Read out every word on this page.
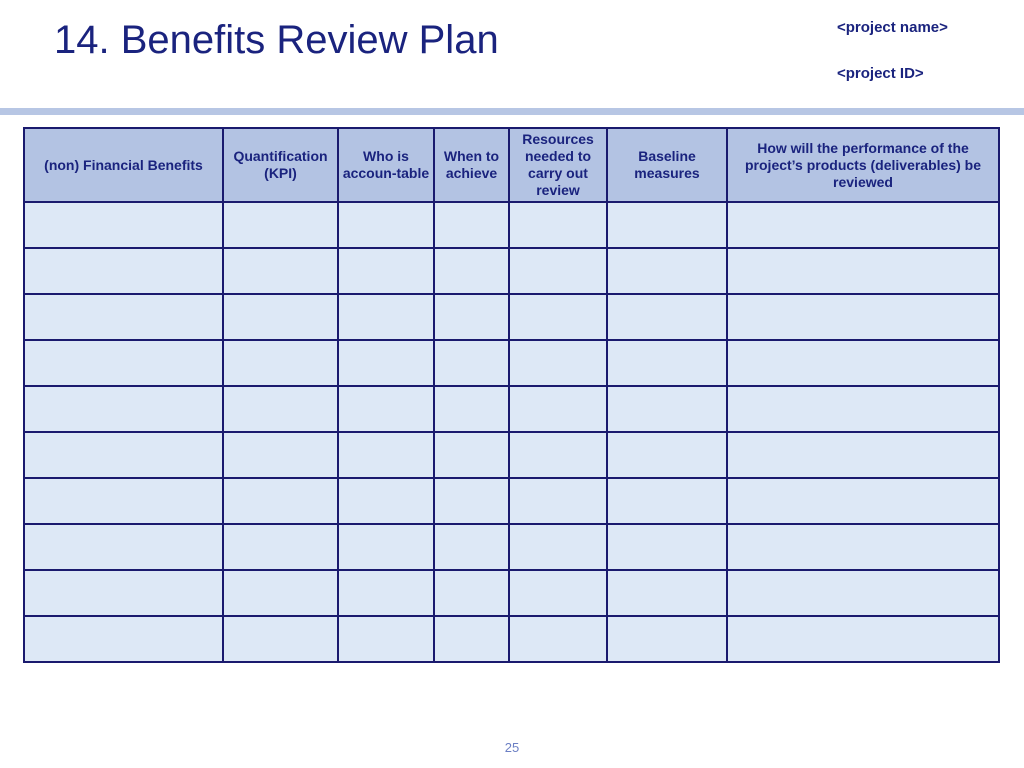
14. Benefits Review Plan	<project name>
<project ID>
(non) Financial Benefits	Quantification (KPI)	Who is accoun-table	When to achieve	Resources needed to carry out review	Baseline measures	How will the performance of the project’s products (deliverables) be reviewed

25
